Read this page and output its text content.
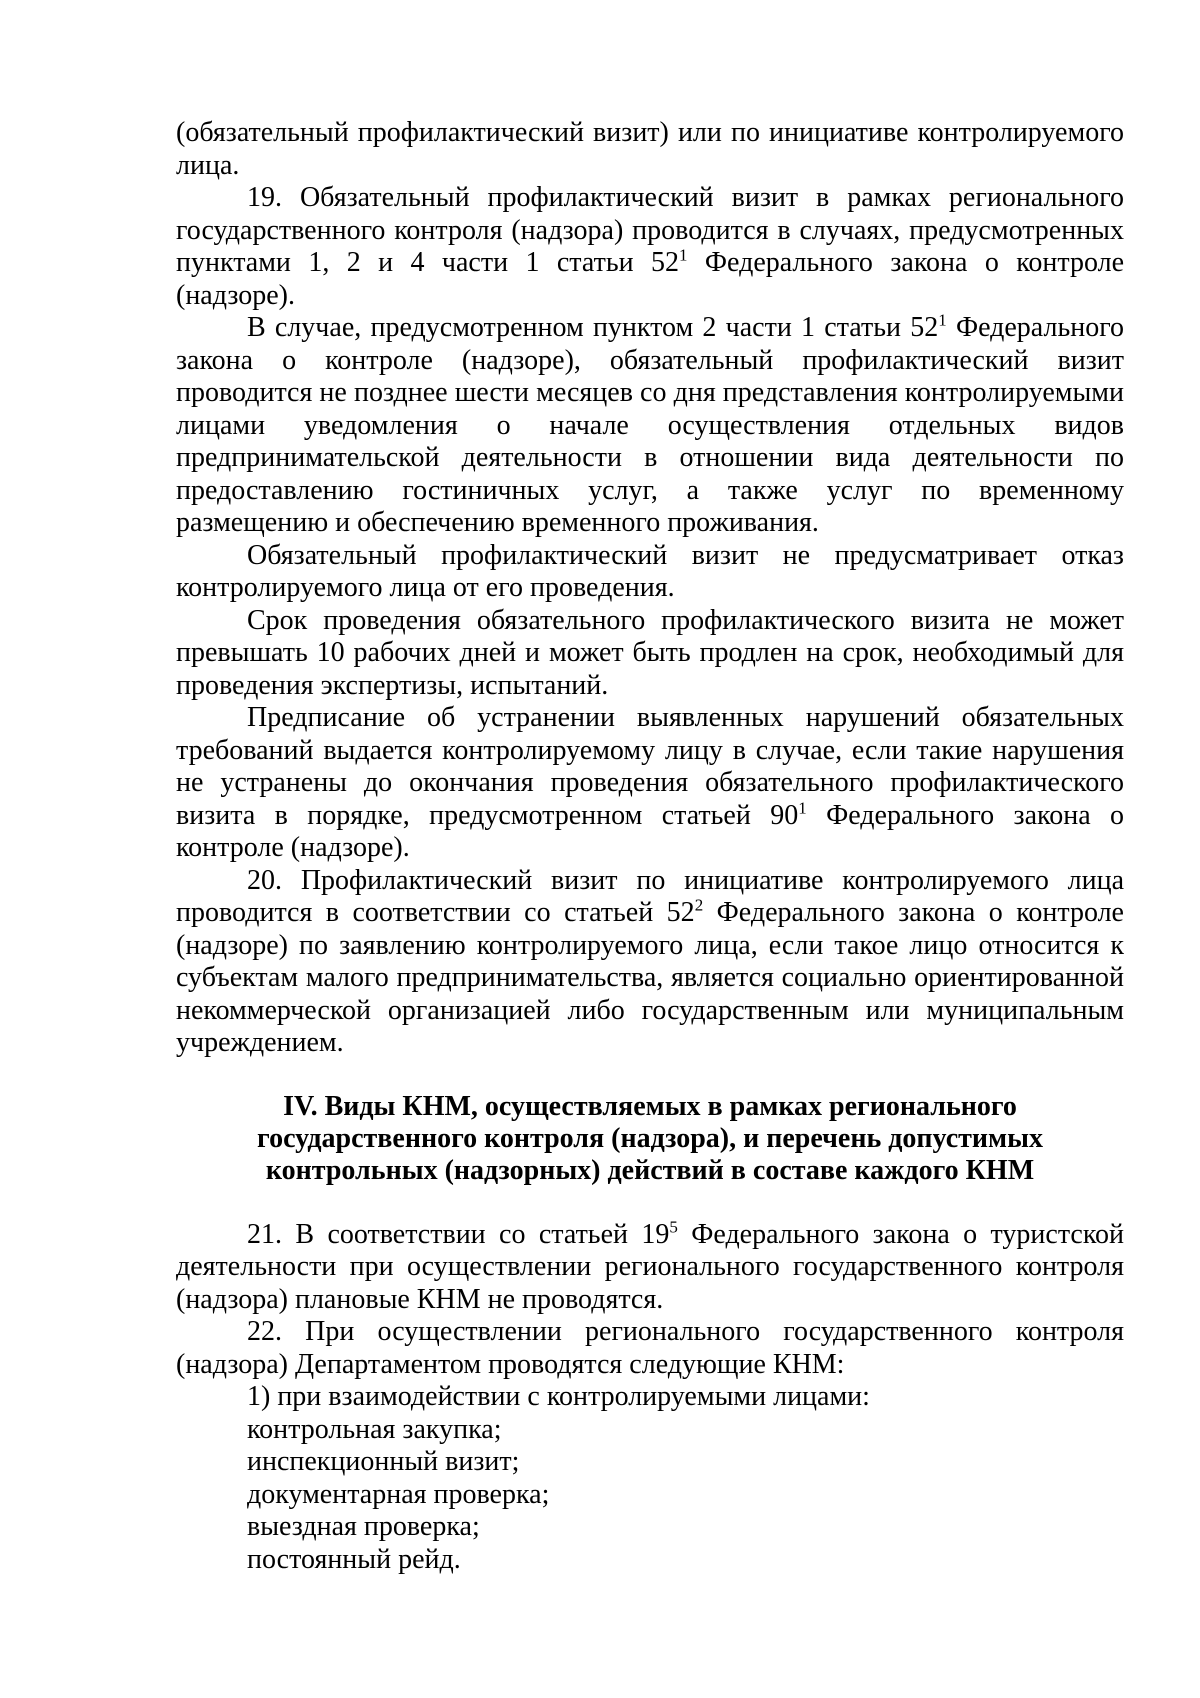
(обязательный профилактический визит) или по инициативе контролируемого лица.

19. Обязательный профилактический визит в рамках регионального государственного контроля (надзора) проводится в случаях, предусмотренных пунктами 1, 2 и 4 части 1 статьи $52^1$ Федерального закона о контроле (надзоре).

В случае, предусмотренном пунктом 2 части 1 статьи $52^1$ Федерального закона о контроле (надзоре), обязательный профилактический визит проводится не позднее шести месяцев со дня представления контролируемыми лицами уведомления о начале осуществления отдельных видов предпринимательской деятельности в отношении вида деятельности по предоставлению гостиничных услуг, а также услуг по временному размещению и обеспечению временного проживания.

Обязательный профилактический визит не предусматривает отказ контролируемого лица от его проведения.

Срок проведения обязательного профилактического визита не может превышать 10 рабочих дней и может быть продлен на срок, необходимый для проведения экспертизы, испытаний.

Предписание об устранении выявленных нарушений обязательных требований выдается контролируемому лицу в случае, если такие нарушения не устранены до окончания проведения обязательного профилактического визита в порядке, предусмотренном статьей $90^1$ Федерального закона о контроле (надзоре).

20. Профилактический визит по инициативе контролируемого лица проводится в соответствии со статьей $52^2$ Федерального закона о контроле (надзоре) по заявлению контролируемого лица, если такое лицо относится к субъектам малого предпринимательства, является социально ориентированной некоммерческой организацией либо государственным или муниципальным учреждением.

IV. Виды КНМ, осуществляемых в рамках регионального
государственного контроля (надзора), и перечень допустимых
контрольных (надзорных) действий в составе каждого КНМ

21. В соответствии со статьей $19^5$ Федерального закона о туристской деятельности при осуществлении регионального государственного контроля (надзора) плановые КНМ не проводятся.

22. При осуществлении регионального государственного контроля (надзора) Департаментом проводятся следующие КНМ:

1) при взаимодействии с контролируемыми лицами:
контрольная закупка;
инспекционный визит;
документарная проверка;
выездная проверка;
постоянный рейд.
